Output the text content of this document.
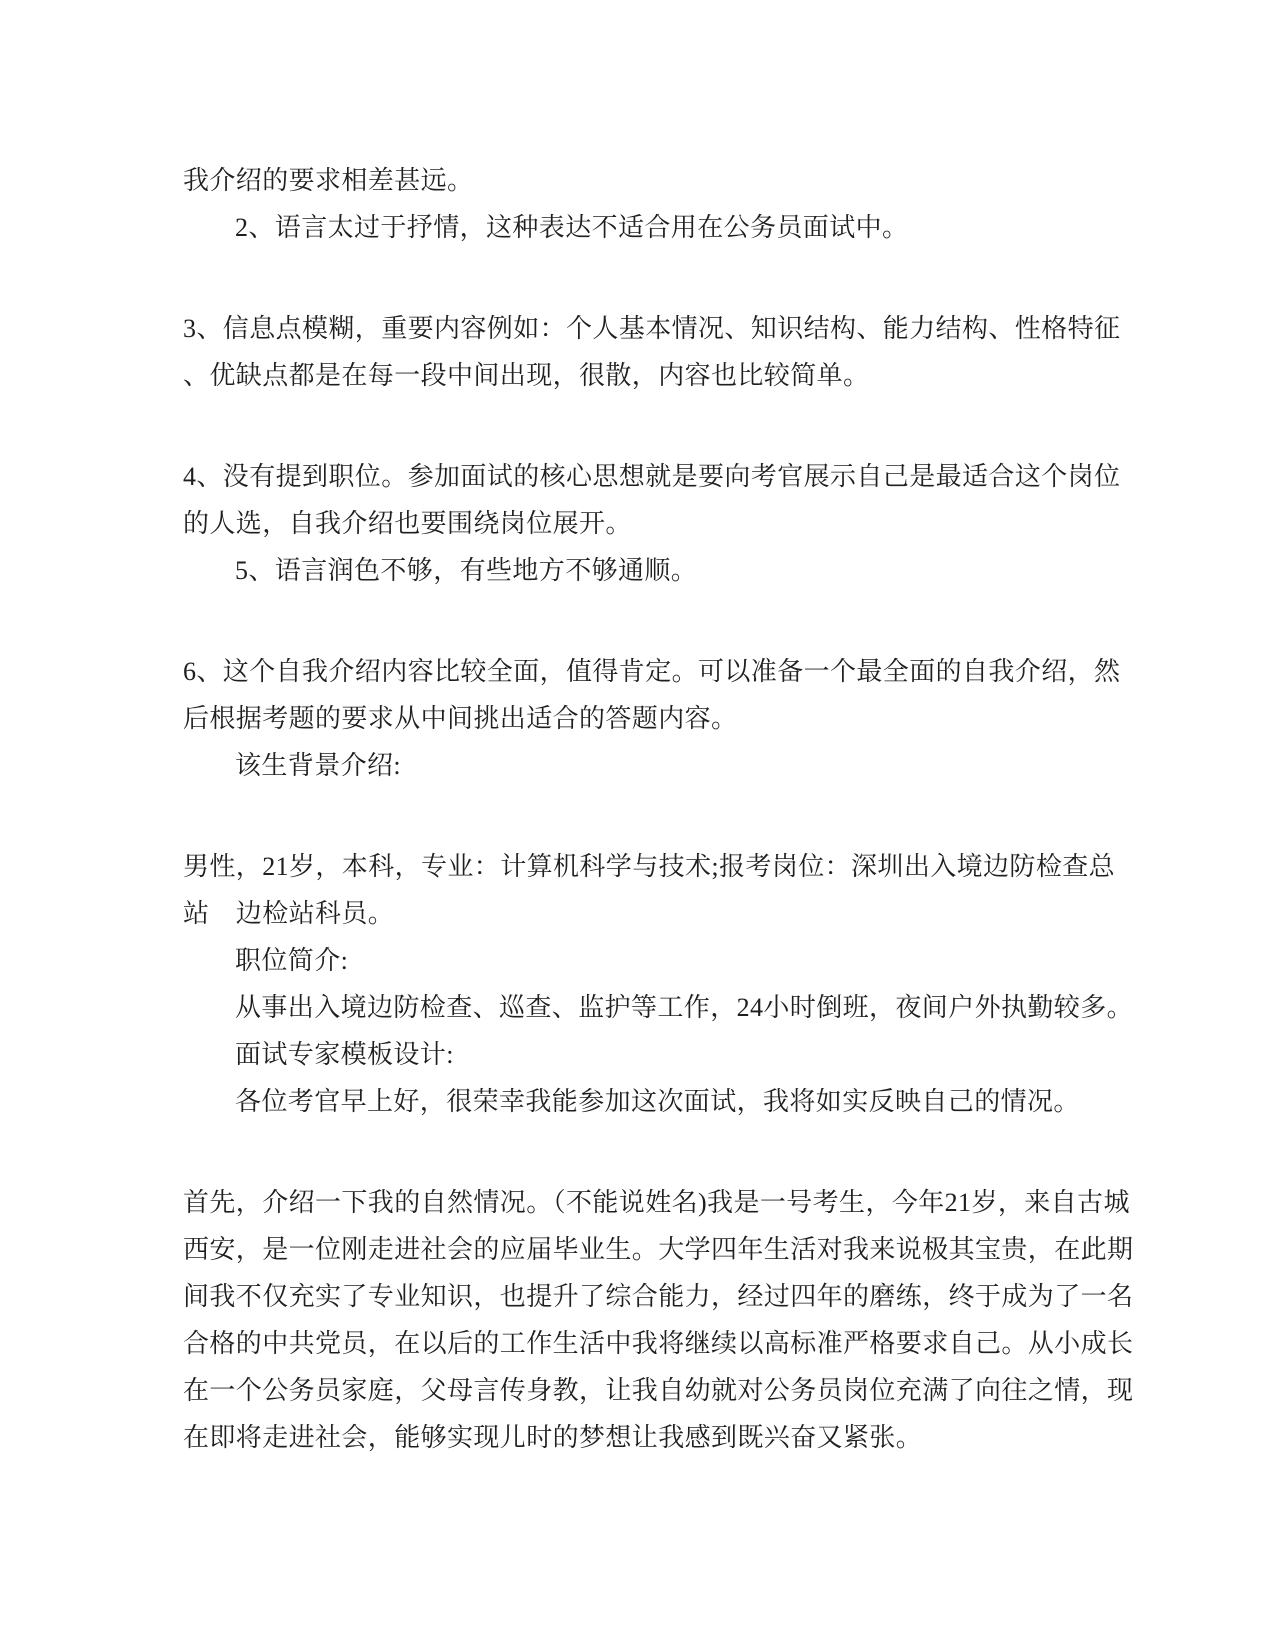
我介绍的要求相差甚远。
2、语言太过于抒情，这种表达不适合用在公务员面试中。
3、信息点模糊，重要内容例如：个人基本情况、知识结构、能力结构、性格特征
、优缺点都是在每一段中间出现，很散，内容也比较简单。
4、没有提到职位。参加面试的核心思想就是要向考官展示自己是最适合这个岗位
的人选，自我介绍也要围绕岗位展开。
5、语言润色不够，有些地方不够通顺。
6、这个自我介绍内容比较全面，值得肯定。可以准备一个最全面的自我介绍，然
后根据考题的要求从中间挑出适合的答题内容。
该生背景介绍:
男性，21岁，本科，专业：计算机科学与技术;报考岗位：深圳出入境边防检查总
站　边检站科员。
职位简介:
从事出入境边防检查、巡查、监护等工作，24小时倒班，夜间户外执勤较多。
面试专家模板设计:
各位考官早上好，很荣幸我能参加这次面试，我将如实反映自己的情况。
首先，介绍一下我的自然情况。（不能说姓名)我是一号考生，今年21岁，来自古城
西安，是一位刚走进社会的应届毕业生。大学四年生活对我来说极其宝贵，在此期
间我不仅充实了专业知识，也提升了综合能力，经过四年的磨练，终于成为了一名
合格的中共党员，在以后的工作生活中我将继续以高标准严格要求自己。从小成长
在一个公务员家庭，父母言传身教，让我自幼就对公务员岗位充满了向往之情，现
在即将走进社会，能够实现儿时的梦想让我感到既兴奋又紧张。
